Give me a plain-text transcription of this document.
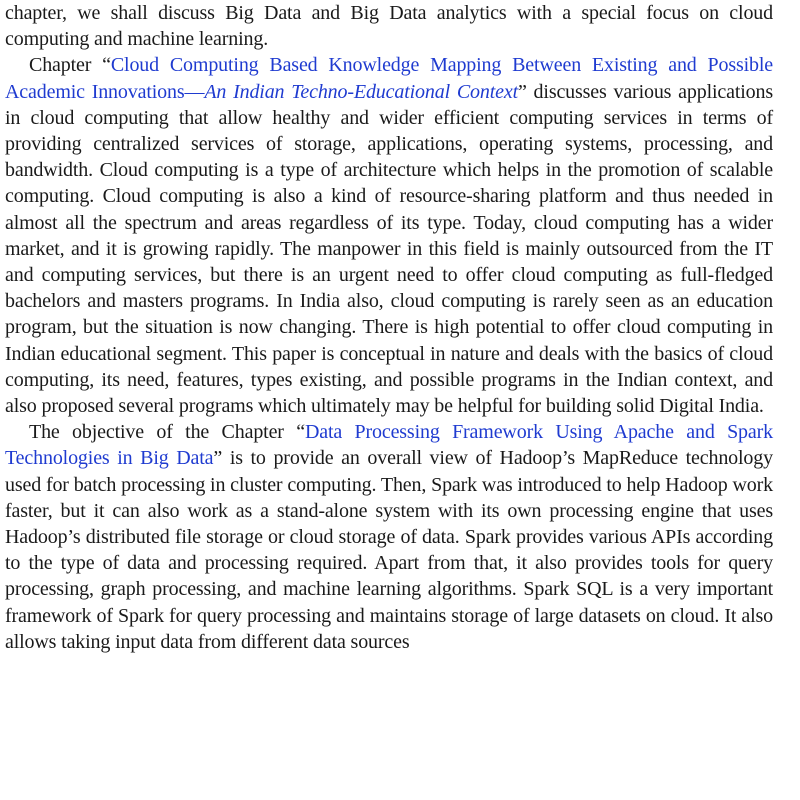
chapter, we shall discuss Big Data and Big Data analytics with a special focus on cloud computing and machine learning.

Chapter “Cloud Computing Based Knowledge Mapping Between Existing and Possible Academic Innovations—An Indian Techno-Educational Context” discusses various applications in cloud computing that allow healthy and wider efficient computing services in terms of providing centralized services of storage, applications, operating systems, processing, and bandwidth. Cloud computing is a type of architecture which helps in the promotion of scalable computing. Cloud computing is also a kind of resource-sharing platform and thus needed in almost all the spectrum and areas regardless of its type. Today, cloud computing has a wider market, and it is growing rapidly. The manpower in this field is mainly outsourced from the IT and computing services, but there is an urgent need to offer cloud computing as full-fledged bachelors and masters programs. In India also, cloud computing is rarely seen as an education program, but the situation is now changing. There is high potential to offer cloud computing in Indian educational segment. This paper is conceptual in nature and deals with the basics of cloud computing, its need, features, types existing, and possible programs in the Indian context, and also proposed several programs which ultimately may be helpful for building solid Digital India.

The objective of the Chapter “Data Processing Framework Using Apache and Spark Technologies in Big Data” is to provide an overall view of Hadoop’s MapReduce technology used for batch processing in cluster computing. Then, Spark was introduced to help Hadoop work faster, but it can also work as a stand-alone system with its own processing engine that uses Hadoop’s distributed file storage or cloud storage of data. Spark provides various APIs according to the type of data and processing required. Apart from that, it also provides tools for query processing, graph processing, and machine learning algorithms. Spark SQL is a very important framework of Spark for query processing and maintains storage of large datasets on cloud. It also allows taking input data from different data sources
